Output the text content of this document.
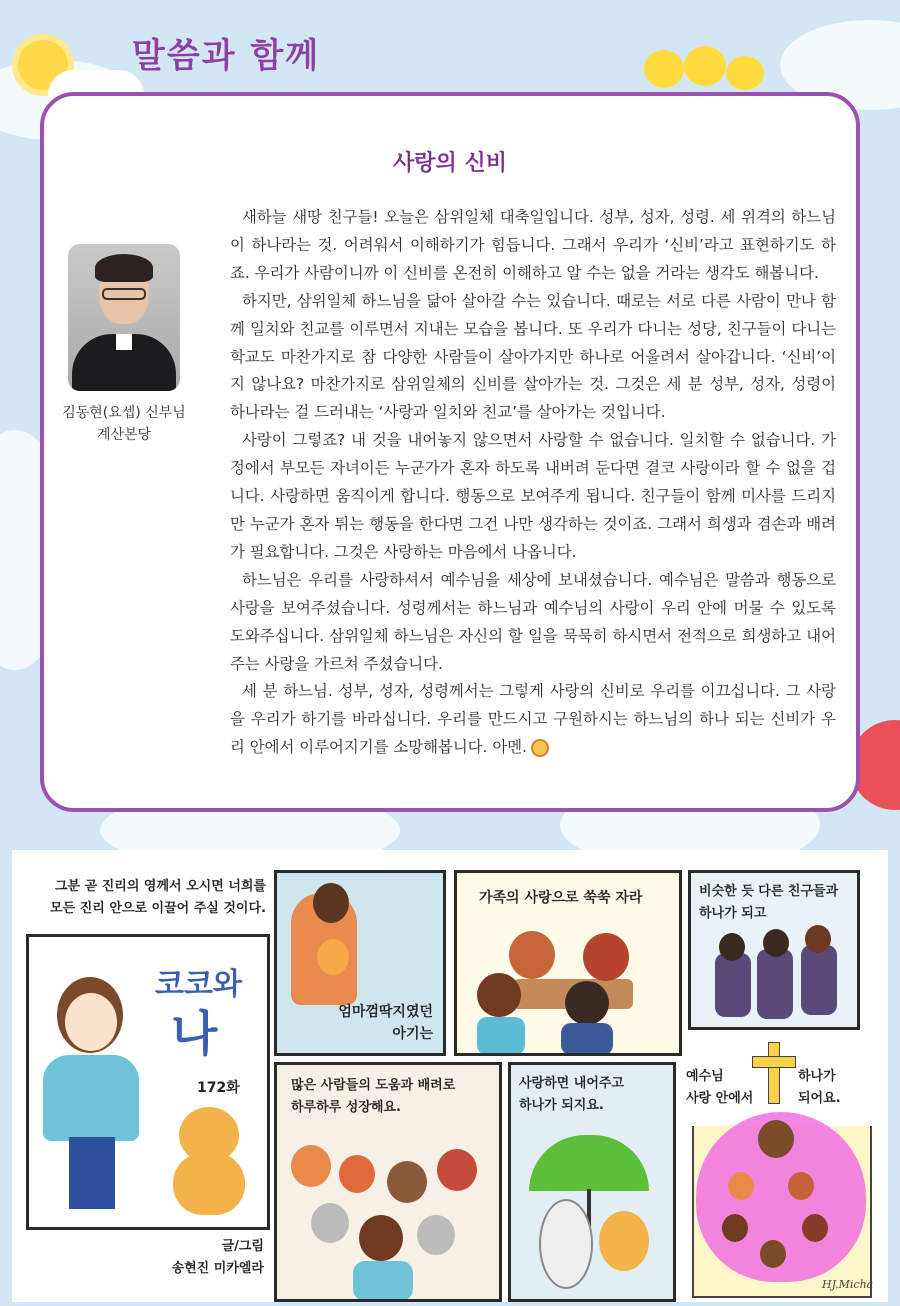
말씀과 함께
사랑의 신비
김동현(요셉) 신부님
계산본당

새하늘 새땅 친구들! 오늘은 삼위일체 대축일입니다. 성부, 성자, 성령. 세 위격의 하느님이 하나라는 것. 어려워서 이해하기가 힘듭니다. 그래서 우리가 ‘신비’라고 표현하기도 하죠. 우리가 사람이니까 이 신비를 온전히 이해하고 알 수는 없을 거라는 생각도 해봅니다.

하지만, 삼위일체 하느님을 닮아 살아갈 수는 있습니다. 때로는 서로 다른 사람이 만나 함께 일치와 친교를 이루면서 지내는 모습을 봅니다. 또 우리가 다니는 성당, 친구들이 다니는 학교도 마찬가지로 참 다양한 사람들이 살아가지만 하나로 어울려서 살아갑니다. ‘신비’이지 않나요? 마찬가지로 삼위일체의 신비를 살아가는 것. 그것은 세 분 성부, 성자, 성령이 하나라는 걸 드러내는 ‘사랑과 일치와 친교’를 살아가는 것입니다.

사랑이 그렇죠? 내 것을 내어놓지 않으면서 사랑할 수 없습니다. 일치할 수 없습니다. 가정에서 부모든 자녀이든 누군가가 혼자 하도록 내버려 둔다면 결코 사랑이라 할 수 없을 겁니다. 사랑하면 움직이게 합니다. 행동으로 보여주게 됩니다. 친구들이 함께 미사를 드리지만 누군가 혼자 튀는 행동을 한다면 그건 나만 생각하는 것이죠. 그래서 희생과 겸손과 배려가 필요합니다. 그것은 사랑하는 마음에서 나옵니다.

하느님은 우리를 사랑하셔서 예수님을 세상에 보내셨습니다. 예수님은 말씀과 행동으로 사랑을 보여주셨습니다. 성령께서는 하느님과 예수님의 사랑이 우리 안에 머물 수 있도록 도와주십니다. 삼위일체 하느님은 자신의 할 일을 묵묵히 하시면서 전적으로 희생하고 내어주는 사랑을 가르쳐 주셨습니다.

세 분 하느님. 성부, 성자, 성령께서는 그렇게 사랑의 신비로 우리를 이끄십니다. 그 사랑을 우리가 하기를 바라십니다. 우리를 만드시고 구원하시는 하느님의 하나 되는 신비가 우리 안에서 이루어지기를 소망해봅니다. 아멘.

그분 곧 진리의 영께서 오시면 너희를
모든 진리 안으로 이끌어 주실 것이다.
코코와
나
172화
글/그림
송현진 미카엘라
엄마껌딱지였던
아기는
가족의 사랑으로 쑥쑥 자라	비슷한 듯 다른 친구들과
하나가 되고
많은 사람들의 도움과 배려로
하루하루 성장해요.
사랑하면 내어주고
하나가 되지요.
예수님
사랑 안에서
하나가
되어요.
HJ.Micha
